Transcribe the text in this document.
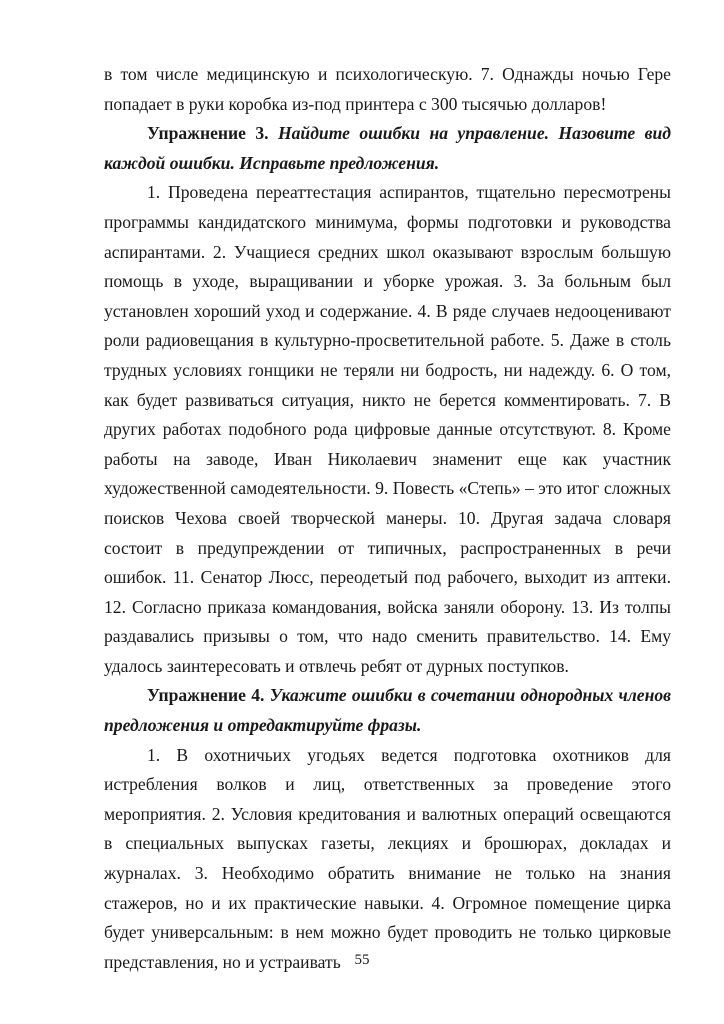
в том числе медицинскую и психологическую. 7. Однажды ночью Гере попадает в руки коробка из-под принтера с 300 тысячью долларов!

Упражнение 3. Найдите ошибки на управление. Назовите вид каждой ошибки. Исправьте предложения.

1. Проведена переаттестация аспирантов, тщательно пересмотрены программы кандидатского минимума, формы подготовки и руководства аспирантами. 2. Учащиеся средних школ оказывают взрослым большую помощь в уходе, выращивании и уборке урожая. 3. За больным был установлен хороший уход и содержание. 4. В ряде случаев недооценивают роли радиовещания в культурно-просветительной работе. 5. Даже в столь трудных условиях гонщики не теряли ни бодрость, ни надежду. 6. О том, как будет развиваться ситуация, никто не берется комментировать. 7. В других работах подобного рода цифровые данные отсутствуют. 8. Кроме работы на заводе, Иван Николаевич знаменит еще как участник художественной самодеятельности. 9. Повесть «Степь» – это итог сложных поисков Чехова своей творческой манеры. 10. Другая задача словаря состоит в предупреждении от типичных, распространенных в речи ошибок. 11. Сенатор Люсс, переодетый под рабочего, выходит из аптеки. 12. Согласно приказа командования, войска заняли оборону. 13. Из толпы раздавались призывы о том, что надо сменить правительство. 14. Ему удалось заинтересовать и отвлечь ребят от дурных поступков.

Упражнение 4. Укажите ошибки в сочетании однородных членов предложения и отредактируйте фразы.

1. В охотничьих угодьях ведется подготовка охотников для истребления волков и лиц, ответственных за проведение этого мероприятия. 2. Условия кредитования и валютных операций освещаются в специальных выпусках газеты, лекциях и брошюрах, докладах и журналах. 3. Необходимо обратить внимание не только на знания стажеров, но и их практические навыки. 4. Огромное помещение цирка будет универсальным: в нем можно будет проводить не только цирковые представления, но и устраивать 55
